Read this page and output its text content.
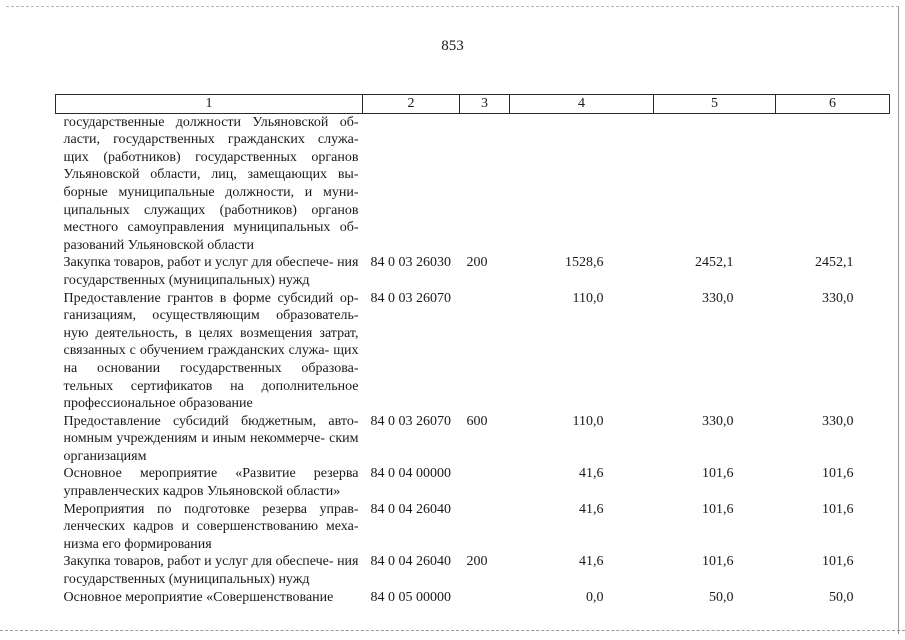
853
1	2	3	4	5	6
государственные должности Ульяновской об- ласти, государственных гражданских служа- щих (работников) государственных органов Ульяновской области, лиц, замещающих вы- борные муниципальные должности, и муни- ципальных служащих (работников) органов местного самоуправления муниципальных об- разований Ульяновской области					
Закупка товаров, работ и услуг для обеспече- ния государственных (муниципальных) нужд	84 0 03 26030	200	1528,6	2452,1	2452,1
Предоставление грантов в форме субсидий ор- ганизациям, осуществляющим образователь- ную деятельность, в целях возмещения затрат, связанных с обучением гражданских служа- щих на основании государственных образова- тельных сертификатов на дополнительное профессиональное образование	84 0 03 26070		110,0	330,0	330,0
Предоставление субсидий бюджетным, авто- номным учреждениям и иным некоммерче- ским организациям	84 0 03 26070	600	110,0	330,0	330,0
Основное мероприятие «Развитие резерва управленческих кадров Ульяновской области»	84 0 04 00000		41,6	101,6	101,6
Мероприятия по подготовке резерва управ- ленческих кадров и совершенствованию меха- низма его формирования	84 0 04 26040		41,6	101,6	101,6
Закупка товаров, работ и услуг для обеспече- ния государственных (муниципальных) нужд	84 0 04 26040	200	41,6	101,6	101,6
Основное мероприятие «Совершенствование	84 0 05 00000		0,0	50,0	50,0
